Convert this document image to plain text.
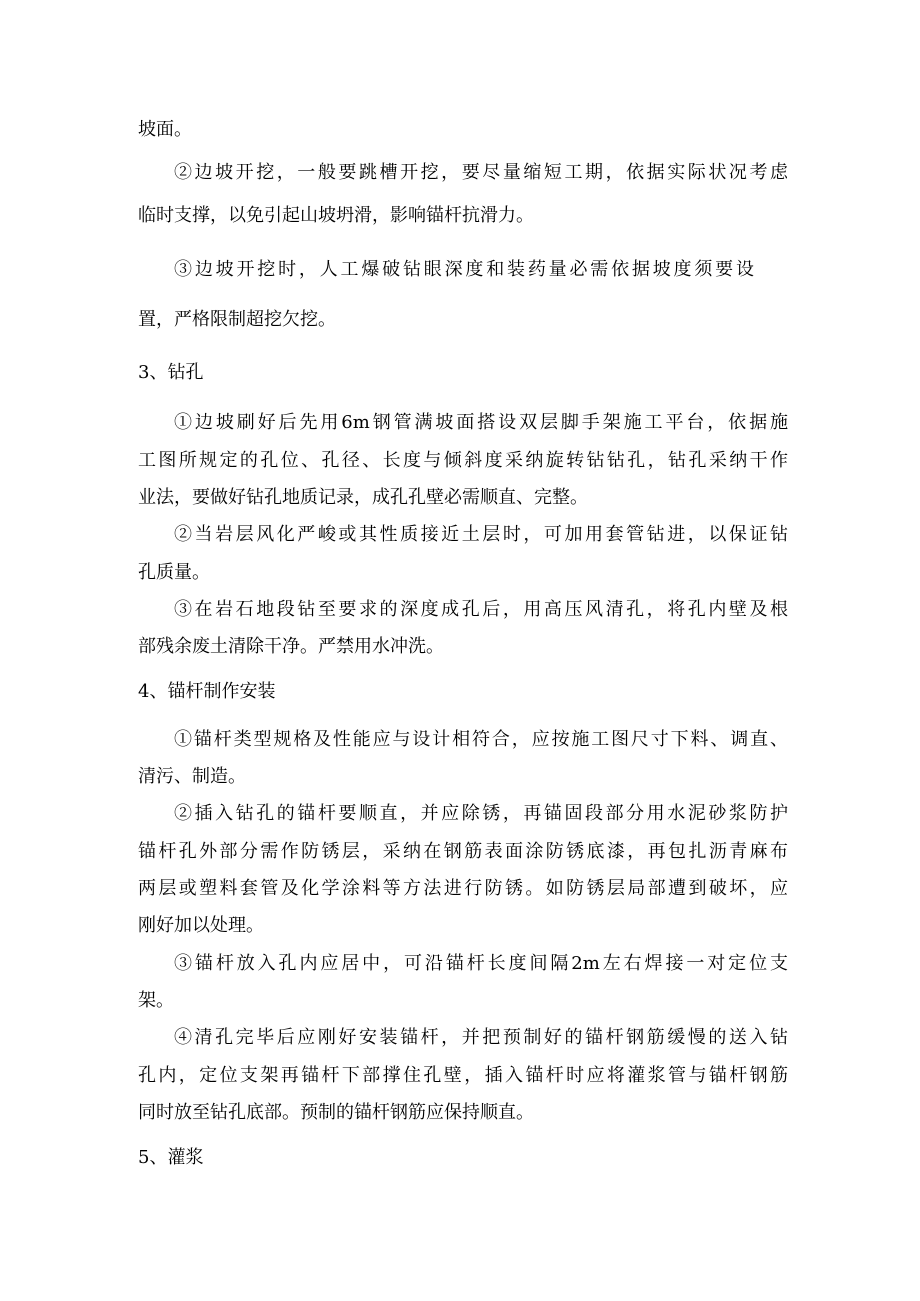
坡面。
②边坡开挖，一般要跳槽开挖，要尽量缩短工期，依据实际状况考虑
临时支撑，以免引起山坡坍滑，影响锚杆抗滑力。
③边坡开挖时，人工爆破钻眼深度和装药量必需依据坡度须要设
置，严格限制超挖欠挖。
3、钻孔
①边坡刷好后先用6m钢管满坡面搭设双层脚手架施工平台，依据施
工图所规定的孔位、孔径、长度与倾斜度采纳旋转钻钻孔，钻孔采纳干作
业法，要做好钻孔地质记录，成孔孔壁必需顺直、完整。
②当岩层风化严峻或其性质接近土层时，可加用套管钻进，以保证钻
孔质量。
③在岩石地段钻至要求的深度成孔后，用高压风清孔，将孔内壁及根
部残余废土清除干净。严禁用水冲洗。
4、锚杆制作安装
①锚杆类型规格及性能应与设计相符合，应按施工图尺寸下料、调直、
清污、制造。
②插入钻孔的锚杆要顺直，并应除锈，再锚固段部分用水泥砂浆防护
锚杆孔外部分需作防锈层，采纳在钢筋表面涂防锈底漆，再包扎沥青麻布
两层或塑料套管及化学涂料等方法进行防锈。如防锈层局部遭到破坏，应
刚好加以处理。
③锚杆放入孔内应居中，可沿锚杆长度间隔2m左右焊接一对定位支
架。
④清孔完毕后应刚好安装锚杆，并把预制好的锚杆钢筋缓慢的送入钻
孔内，定位支架再锚杆下部撑住孔壁，插入锚杆时应将灌浆管与锚杆钢筋
同时放至钻孔底部。预制的锚杆钢筋应保持顺直。
5、灌浆
